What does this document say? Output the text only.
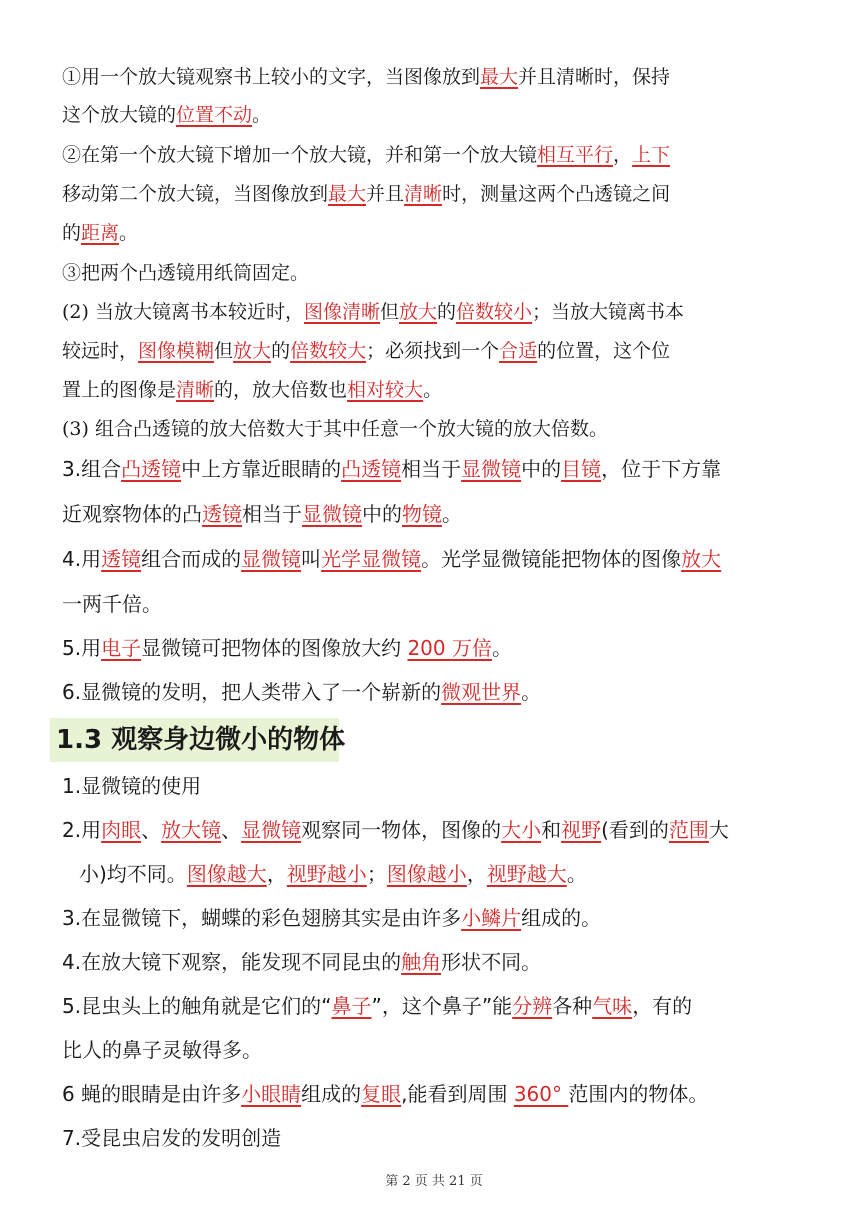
①用一个放大镜观察书上较小的文字，当图像放到最大并且清晰时，保持
这个放大镜的位置不动。
②在第一个放大镜下增加一个放大镜，并和第一个放大镜相互平行，上下
移动第二个放大镜，当图像放到最大并且清晰时，测量这两个凸透镜之间
的距离。
③把两个凸透镜用纸筒固定。
(2) 当放大镜离书本较近时，图像清晰但放大的倍数较小；当放大镜离书本
较远时，图像模糊但放大的倍数较大；必须找到一个合适的位置，这个位
置上的图像是清晰的，放大倍数也相对较大。
(3) 组合凸透镜的放大倍数大于其中任意一个放大镜的放大倍数。
3.组合凸透镜中上方靠近眼睛的凸透镜相当于显微镜中的目镜，位于下方靠
近观察物体的凸透镜相当于显微镜中的物镜。
4.用透镜组合而成的显微镜叫光学显微镜。光学显微镜能把物体的图像放大
一两千倍。
5.用电子显微镜可把物体的图像放大约 200 万倍。
6.显微镜的发明，把人类带入了一个崭新的微观世界。
1.显微镜的使用
2.用肉眼、放大镜、显微镜观察同一物体，图像的大小和视野(看到的范围大
小)均不同。图像越大，视野越小；图像越小，视野越大。
3.在显微镜下，蝴蝶的彩色翅膀其实是由许多小鳞片组成的。
4.在放大镜下观察，能发现不同昆虫的触角形状不同。
5.昆虫头上的触角就是它们的“鼻子”，这个鼻子”能分辨各种气味，有的
比人的鼻子灵敏得多。
6 蝇的眼睛是由许多小眼睛组成的复眼,能看到周围 360° 范围内的物体。
7.受昆虫启发的发明创造
1.3 观察身边微小的物体
第 2 页 共 21 页
